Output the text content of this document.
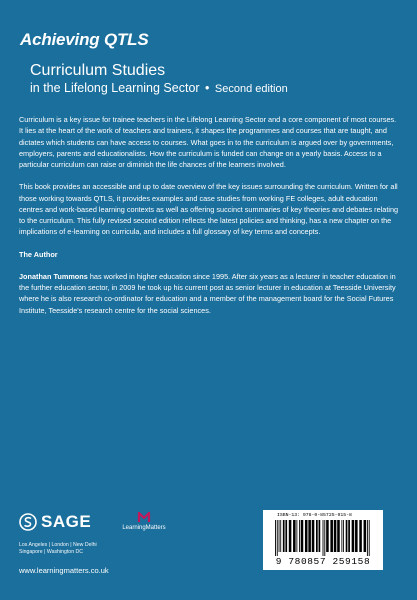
Achieving QTLS
Curriculum Studies
in the Lifelong Learning Sector • Second edition

Curriculum is a key issue for trainee teachers in the Lifelong Learning Sector and a core component of most courses. It lies at the heart of the work of teachers and trainers, it shapes the programmes and courses that are taught, and dictates which students can have access to courses. What goes in to the curriculum is argued over by governments, employers, parents and educationalists. How the curriculum is funded can change on a yearly basis. Access to a particular curriculum can raise or diminish the life chances of the learners involved.

This book provides an accessible and up to date overview of the key issues surrounding the curriculum. Written for all those working towards QTLS, it provides examples and case studies from working FE colleges, adult education centres and work-based learning contexts as well as offering succinct summaries of key theories and debates relating to the curriculum. This fully revised second edition reflects the latest policies and thinking, has a new chapter on the implications of e-learning on curricula, and includes a full glossary of key terms and concepts.

The Author

Jonathan Tummons has worked in higher education since 1995. After six years as a lecturer in teacher education in the further education sector, in 2009 he took up his current post as senior lecturer in education at Teesside University where he is also research co-ordinator for education and a member of the management board for the Social Futures Institute, Teesside's research centre for the social sciences.

SAGE
Los Angeles | London | New Delhi
Singapore | Washington DC
LearningMatters
www.learningmatters.co.uk
ISBN-13: 978-0-85725-915-8
9 780857 259158
